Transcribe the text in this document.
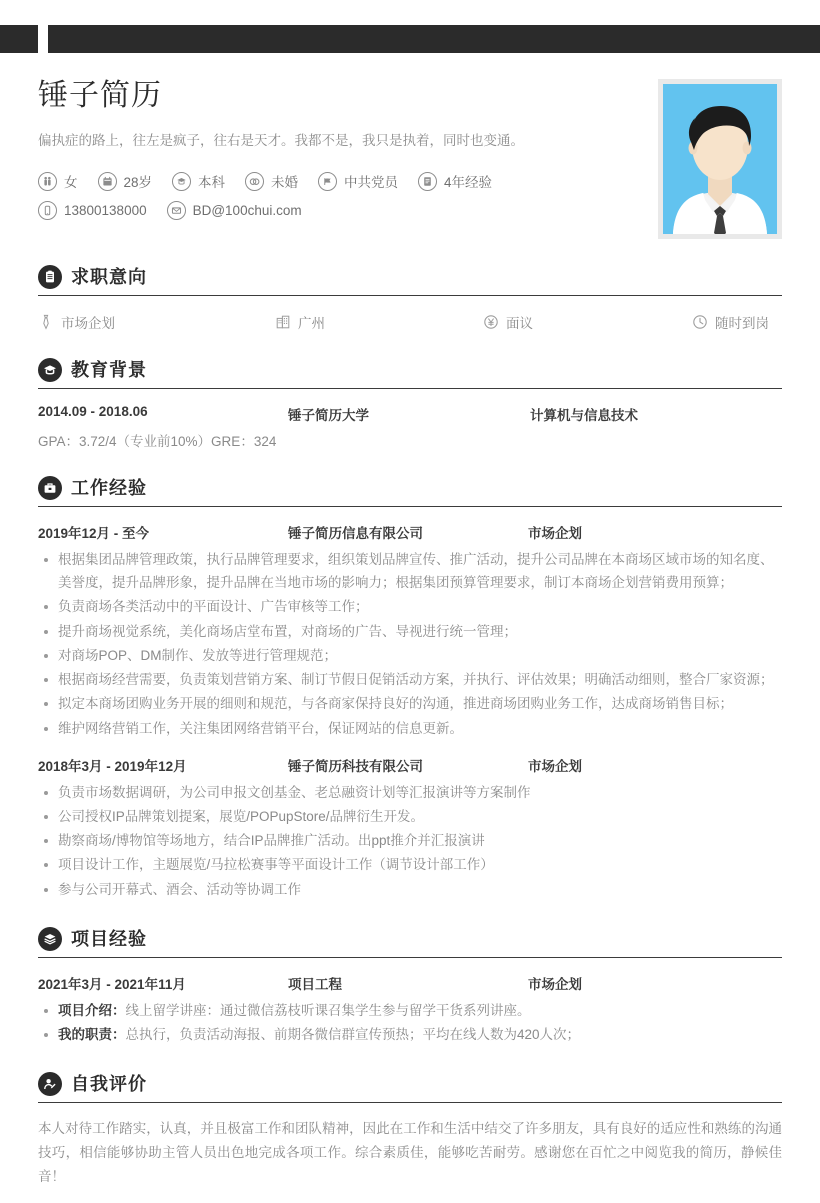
锤子简历

偏执症的路上，往左是疯子，往右是天才。我都不是，我只是执着，同时也变通。

女	28岁	本科	未婚	中共党员	4年经验
13800138000	BD@100chui.com
求职意向
市场企划	广州	面议	随时到岗
教育背景
2014.09 - 2018.06	锤子简历大学	计算机与信息技术
GPA：3.72/4（专业前10%）GRE：324
工作经验
2019年12月 - 至今	锤子简历信息有限公司	市场企划
根据集团品牌管理政策，执行品牌管理要求，组织策划品牌宣传、推广活动，提升公司品牌在本商场区域市场的知名度、美誉度，提升品牌形象，提升品牌在当地市场的影响力；根据集团预算管理要求，制订本商场企划营销费用预算；
负责商场各类活动中的平面设计、广告审核等工作；
提升商场视觉系统，美化商场店堂布置，对商场的广告、导视进行统一管理；
对商场POP、DM制作、发放等进行管理规范；
根据商场经营需要，负责策划营销方案、制订节假日促销活动方案，并执行、评估效果；明确活动细则，整合厂家资源；
拟定本商场团购业务开展的细则和规范，与各商家保持良好的沟通，推进商场团购业务工作，达成商场销售目标；
维护网络营销工作，关注集团网络营销平台，保证网站的信息更新。
2018年3月 - 2019年12月	锤子简历科技有限公司	市场企划
负责市场数据调研，为公司申报文创基金、老总融资计划等汇报演讲等方案制作
公司授权IP品牌策划提案，展览/POPupStore/品牌衍生开发。
勘察商场/博物馆等场地方，结合IP品牌推广活动。出ppt推介并汇报演讲
项目设计工作，主题展览/马拉松赛事等平面设计工作（调节设计部工作）
参与公司开幕式、酒会、活动等协调工作
项目经验
2021年3月 - 2021年11月	项目工程	市场企划
项目介绍：线上留学讲座：通过微信荔枝听课召集学生参与留学干货系列讲座。
我的职责：总执行，负责活动海报、前期各微信群宣传预热；平均在线人数为420人次；
自我评价

本人对待工作踏实，认真，并且极富工作和团队精神，因此在工作和生活中结交了许多朋友，具有良好的适应性和熟练的沟通技巧，相信能够协助主管人员出色地完成各项工作。综合素质佳，能够吃苦耐劳。感谢您在百忙之中阅览我的简历，静候佳音！
